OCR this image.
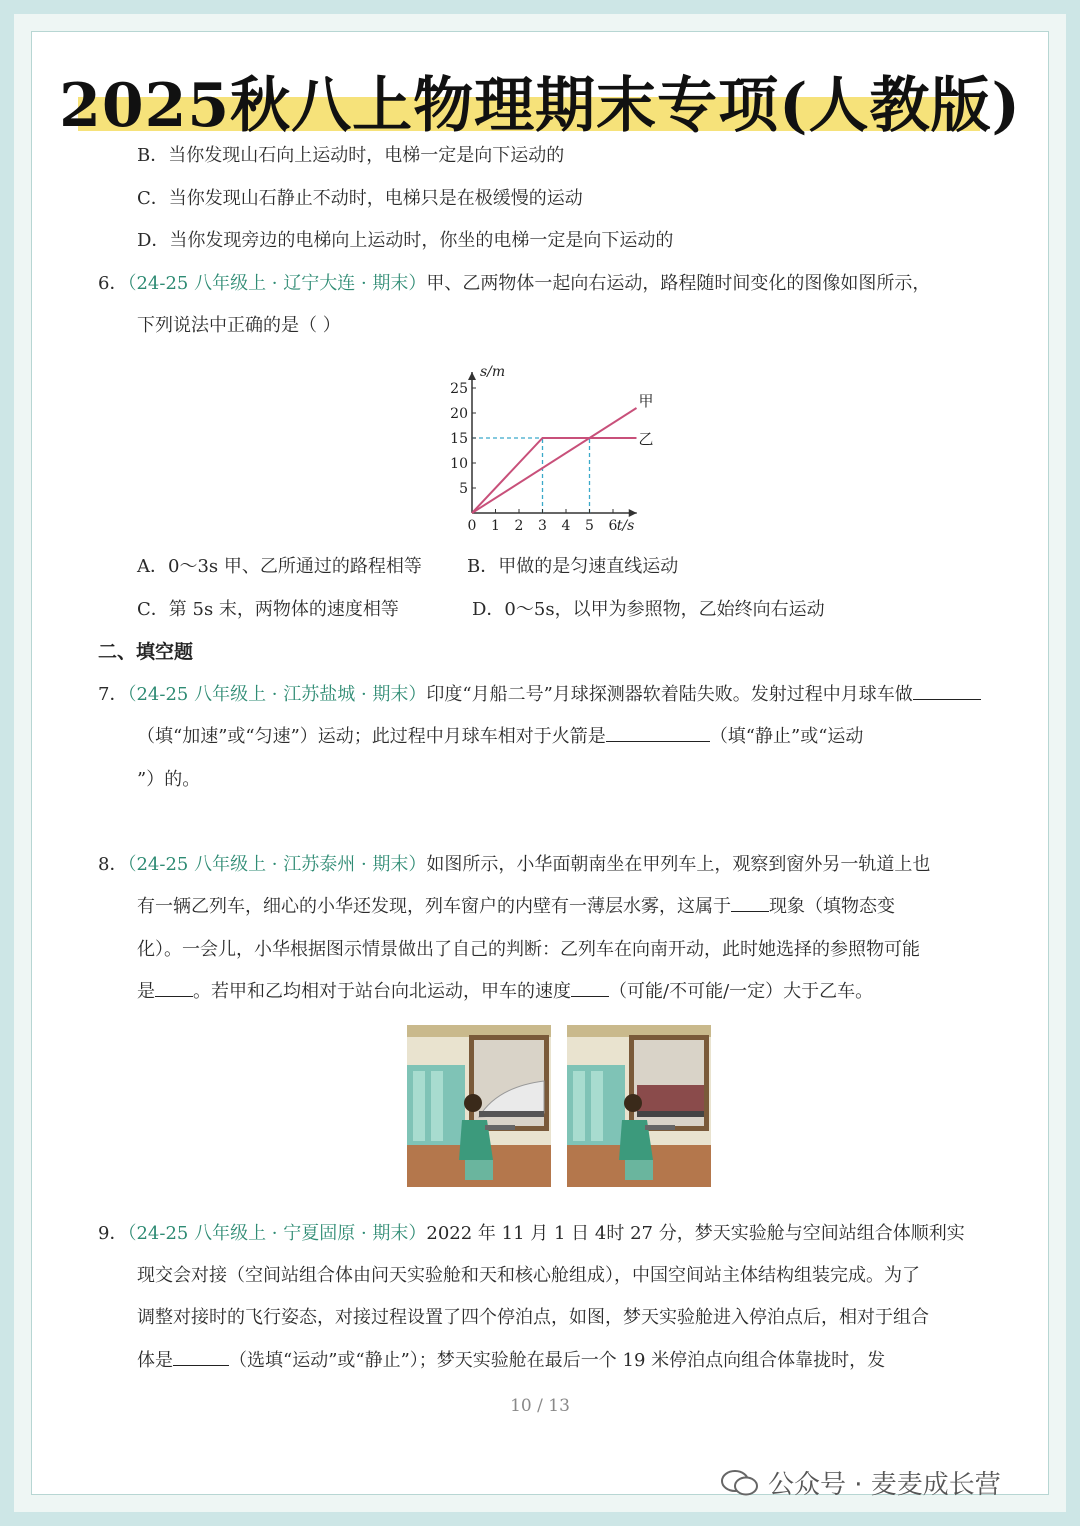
2025秋八上物理期末专项(人教版)
B．当你发现山石向上运动时，电梯一定是向下运动的
C．当你发现山石静止不动时，电梯只是在极缓慢的运动
D．当你发现旁边的电梯向上运动时，你坐的电梯一定是向下运动的
6．（24-25 八年级上 · 辽宁大连 · 期末）甲、乙两物体一起向右运动，路程随时间变化的图像如图所示，
下列说法中正确的是（ ）
0 1 2 3 4 5 6
5
10
15
20
25
s/m
t/s
甲
乙
A．0～3s 甲、乙所通过的路程相等	B．甲做的是匀速直线运动
C．第 5s 末，两物体的速度相等	D．0～5s，以甲为参照物，乙始终向右运动
二、填空题
7．（24-25 八年级上 · 江苏盐城 · 期末）印度“月船二号”月球探测器软着陆失败。发射过程中月球车做
（填“加速”或“匀速”）运动；此过程中月球车相对于火箭是	（填“静止”或“运动
”）的。
8．（24-25 八年级上 · 江苏泰州 · 期末）如图所示，小华面朝南坐在甲列车上，观察到窗外另一轨道上也
有一辆乙列车，细心的小华还发现，列车窗户的内壁有一薄层水雾，这属于 现象（填物态变
化）。一会儿，小华根据图示情景做出了自己的判断：乙列车在向南开动，此时她选择的参照物可能
是 。若甲和乙均相对于站台向北运动，甲车的速度 （可能/不可能/一定）大于乙车。
9．（24-25 八年级上 · 宁夏固原 · 期末）2022 年 11 月 1 日 4时 27 分，梦天实验舱与空间站组合体顺利实
现交会对接（空间站组合体由问天实验舱和天和核心舱组成），中国空间站主体结构组装完成。为了
调整对接时的飞行姿态，对接过程设置了四个停泊点，如图，梦天实验舱进入停泊点后，相对于组合
体是	（选填“运动”或“静止”）；梦天实验舱在最后一个 19 米停泊点向组合体靠拢时，发
10 / 13
公众号 · 麦麦成长营
